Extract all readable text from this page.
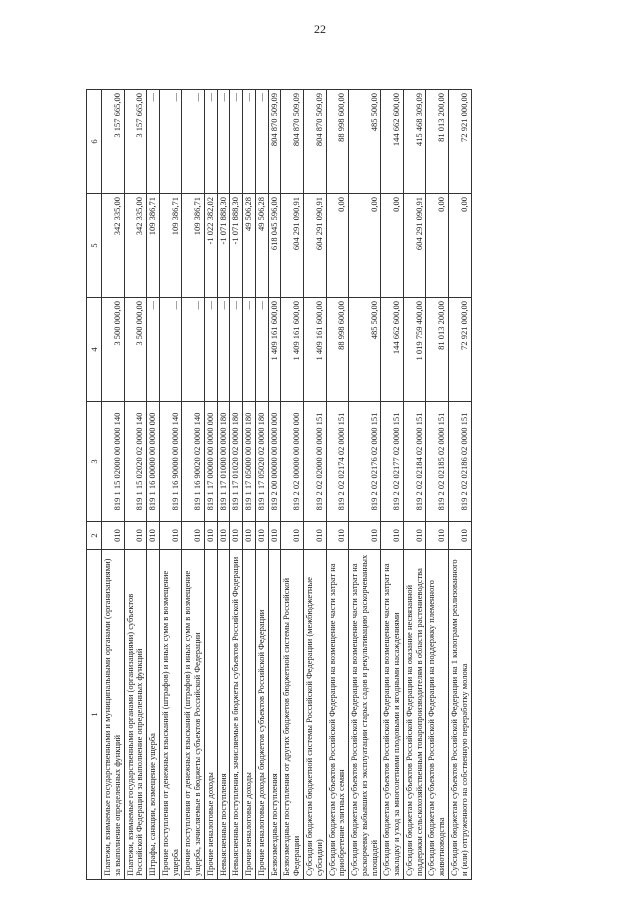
22
1	2	3	4	5	6
Платежи, взимаемые государственными и муниципальными органами (организациями) за выполнение определенных функций	010	819 1 15 02000 00 0000 140	3 500 000,00	342 335,00	3 157 665,00
Платежи, взимаемые государственными органами (организациями) субъектов Российской Федерации за выполнение определенных функций	010	819 1 15 02020 02 0000 140	3 500 000,00	342 335,00	3 157 665,00
Штрафы, санкции, возмещение ущерба	010	819 1 16 00000 00 0000 000	—	109 386,71	—
Прочие поступления от денежных взысканий (штрафов) и иных сумм в возмещение ущерба	010	819 1 16 90000 00 0000 140	—	109 386,71	—
Прочие поступления от денежных взысканий (штрафов) и иных сумм в возмещение ущерба, зачисляемые в бюджеты субъектов Российской Федерации	010	819 1 16 90020 02 0000 140	—	109 386,71	—
Прочие неналоговые доходы	010	819 1 17 00000 00 0000 000	—	-1 022 382,02	—
Невыясненные поступления	010	819 1 17 01000 00 0000 180	—	-1 071 888,30	—
Невыясненные поступления, зачисляемые в бюджеты субъектов Российской Федерации	010	819 1 17 01020 02 0000 180	—	-1 071 888,30	—
Прочие неналоговые доходы	010	819 1 17 05000 00 0000 180	—	49 506,28	—
Прочие неналоговые доходы бюджетов субъектов Российской Федерации	010	819 1 17 05020 02 0000 180	—	49 506,28	—
Безвозмездные поступления	010	819 2 00 00000 00 0000 000	1 409 161 600,00	618 045 596,00	804 870 509,09
Безвозмездные поступления от других бюджетов бюджетной системы Российской Федерации	010	819 2 02 00000 00 0000 000	1 409 161 600,00	604 291 090,91	804 870 509,09
Субсидии бюджетам бюджетной системы Российской Федерации (межбюджетные субсидии)	010	819 2 02 02000 00 0000 151	1 409 161 600,00	604 291 090,91	804 870 509,09
Субсидии бюджетам субъектов Российской Федерации на возмещение части затрат на приобретение элитных семян	010	819 2 02 02174 02 0000 151	88 998 600,00	0,00	88 998 600,00
Субсидии бюджетам субъектов Российской Федерации на возмещение части затрат на раскорчевку выбывших из эксплуатации старых садов и рекультивацию раскорчеванных площадей	010	819 2 02 02176 02 0000 151	485 500,00	0,00	485 500,00
Субсидии бюджетам субъектов Российской Федерации на возмещение части затрат на закладку и уход за многолетними плодовыми и ягодными насаждениями	010	819 2 02 02177 02 0000 151	144 662 600,00	0,00	144 662 600,00
Субсидии бюджетам субъектов Российской Федерации на оказание несвязанной поддержки сельскохозяйственным товаропроизводителям в области растениеводства	010	819 2 02 02184 02 0000 151	1 019 759 400,00	604 291 090,91	415 468 309,09
Субсидии бюджетам субъектов Российской Федерации на поддержку племенного животноводства	010	819 2 02 02185 02 0000 151	81 013 200,00	0,00	81 013 200,00
Субсидии бюджетам субъектов Российской Федерации на 1 килограмм реализованного и (или) отгруженного на собственную переработку молока	010	819 2 02 02186 02 0000 151	72 921 000,00	0,00	72 921 000,00
